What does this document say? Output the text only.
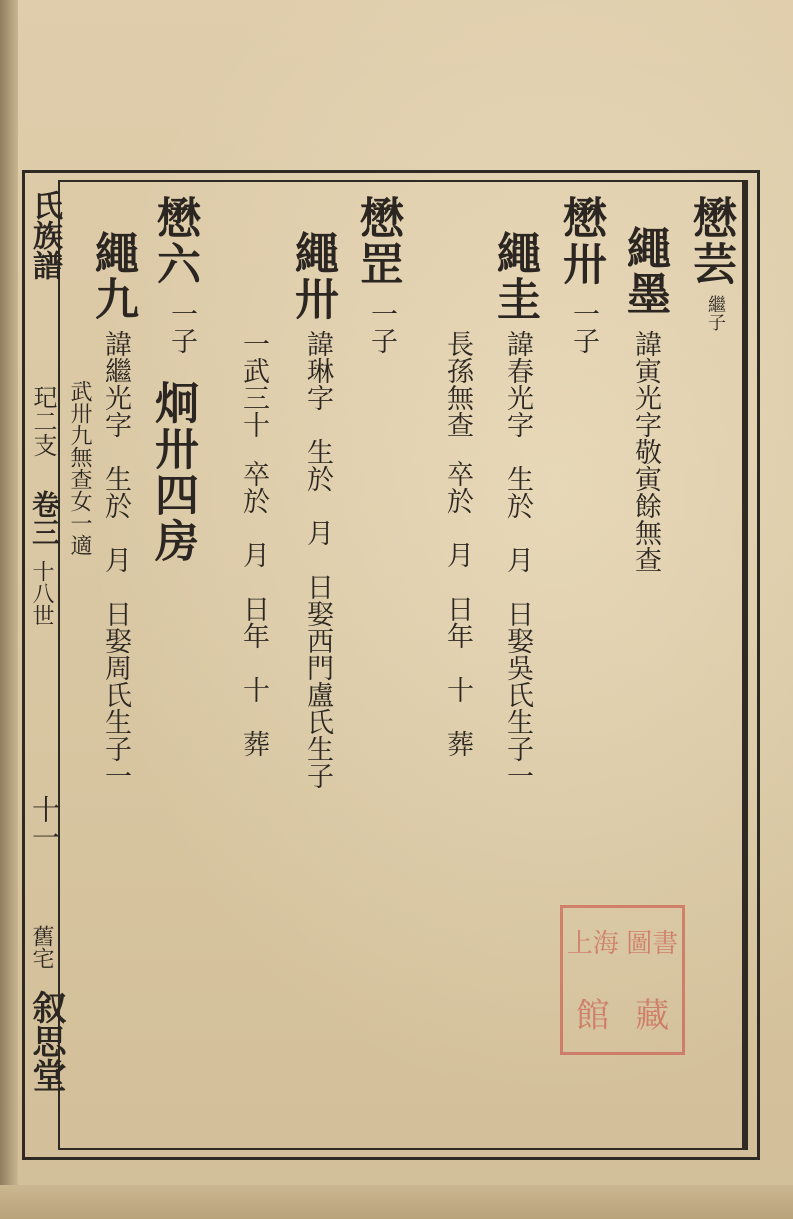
氏族譜
玘二支
卷三
十八世
十一
舊宅
叙思堂
懋芸
繼子
繩墨
諱寅光字敬寅餘無查
懋卅
一子
繩圭
諱春光字　生於　月　日娶吳氏生子一
長孫無查
卒於　月　日年　十　葬
懋罡
一子
繩卅
諱琳字　生於　月　日娶西門盧氏生子
一武三十
卒於　月　日年　十　葬
懋六
一子
炯卅四房
繩九
諱繼光字　生於　月　日娶周氏生子一
武卅九無查女一適
上海 圖書
館 藏
